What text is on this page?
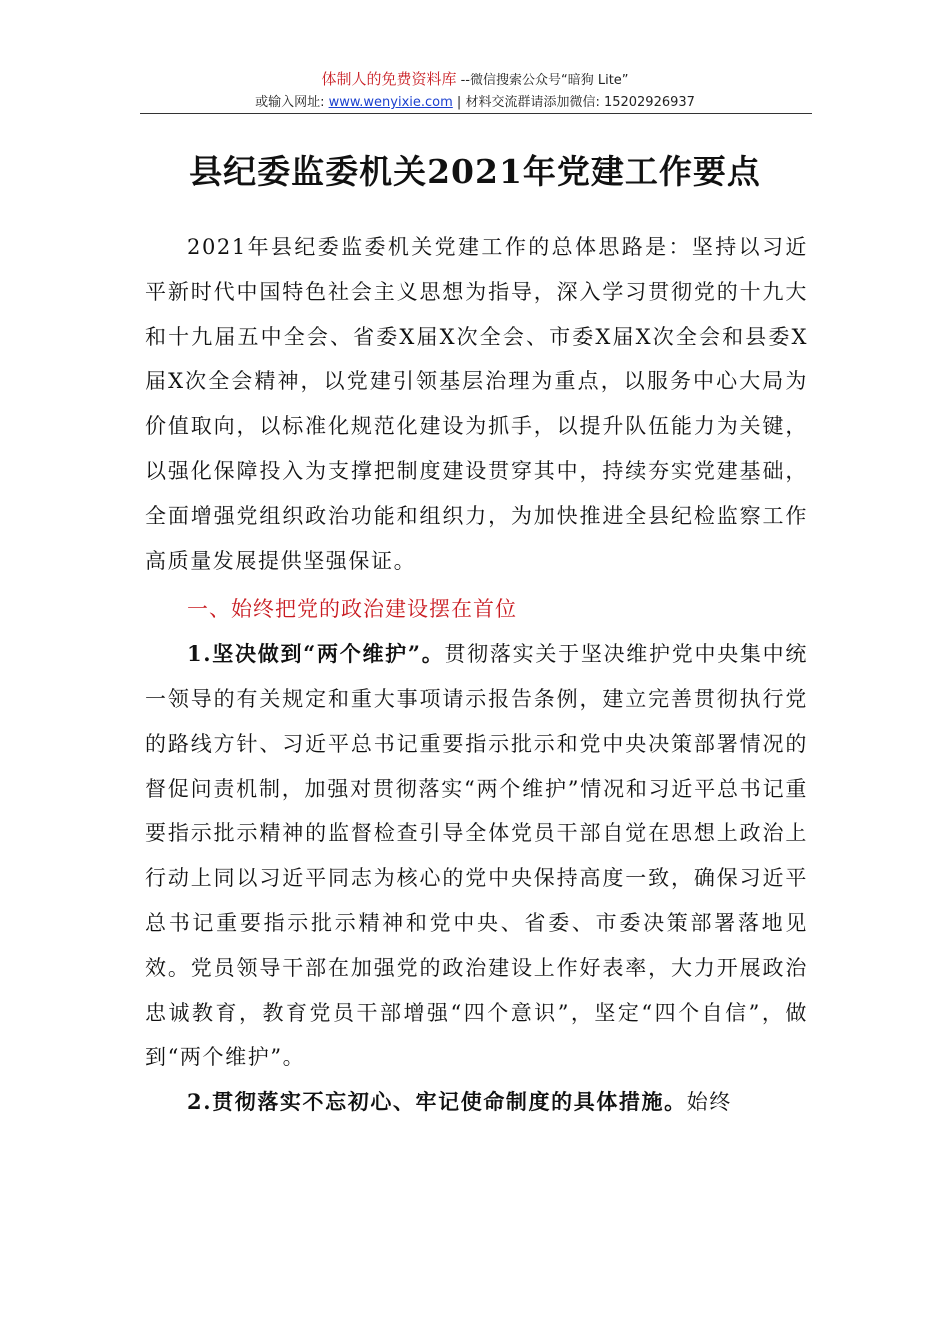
体制人的免费资料库 --微信搜索公众号“暗狗 Lite”
或输入网址: www.wenyixie.com | 材料交流群请添加微信: 15202926937
县纪委监委机关2021年党建工作要点

2021年县纪委监委机关党建工作的总体思路是：坚持以习近平新时代中国特色社会主义思想为指导，深入学习贯彻党的十九大和十九届五中全会、省委X届X次全会、市委X届X次全会和县委X届X次全会精神，以党建引领基层治理为重点，以服务中心大局为价值取向，以标准化规范化建设为抓手，以提升队伍能力为关键，以强化保障投入为支撑把制度建设贯穿其中，持续夯实党建基础，全面增强党组织政治功能和组织力，为加快推进全县纪检监察工作高质量发展提供坚强保证。

一、始终把党的政治建设摆在首位

1.坚决做到“两个维护”。贯彻落实关于坚决维护党中央集中统一领导的有关规定和重大事项请示报告条例，建立完善贯彻执行党的路线方针、习近平总书记重要指示批示和党中央决策部署情况的督促问责机制，加强对贯彻落实“两个维护”情况和习近平总书记重要指示批示精神的监督检查引导全体党员干部自觉在思想上政治上行动上同以习近平同志为核心的党中央保持高度一致，确保习近平总书记重要指示批示精神和党中央、省委、市委决策部署落地见效。党员领导干部在加强党的政治建设上作好表率，大力开展政治忠诚教育，教育党员干部增强“四个意识”，坚定“四个自信”，做到“两个维护”。

2.贯彻落实不忘初心、牢记使命制度的具体措施。始终
